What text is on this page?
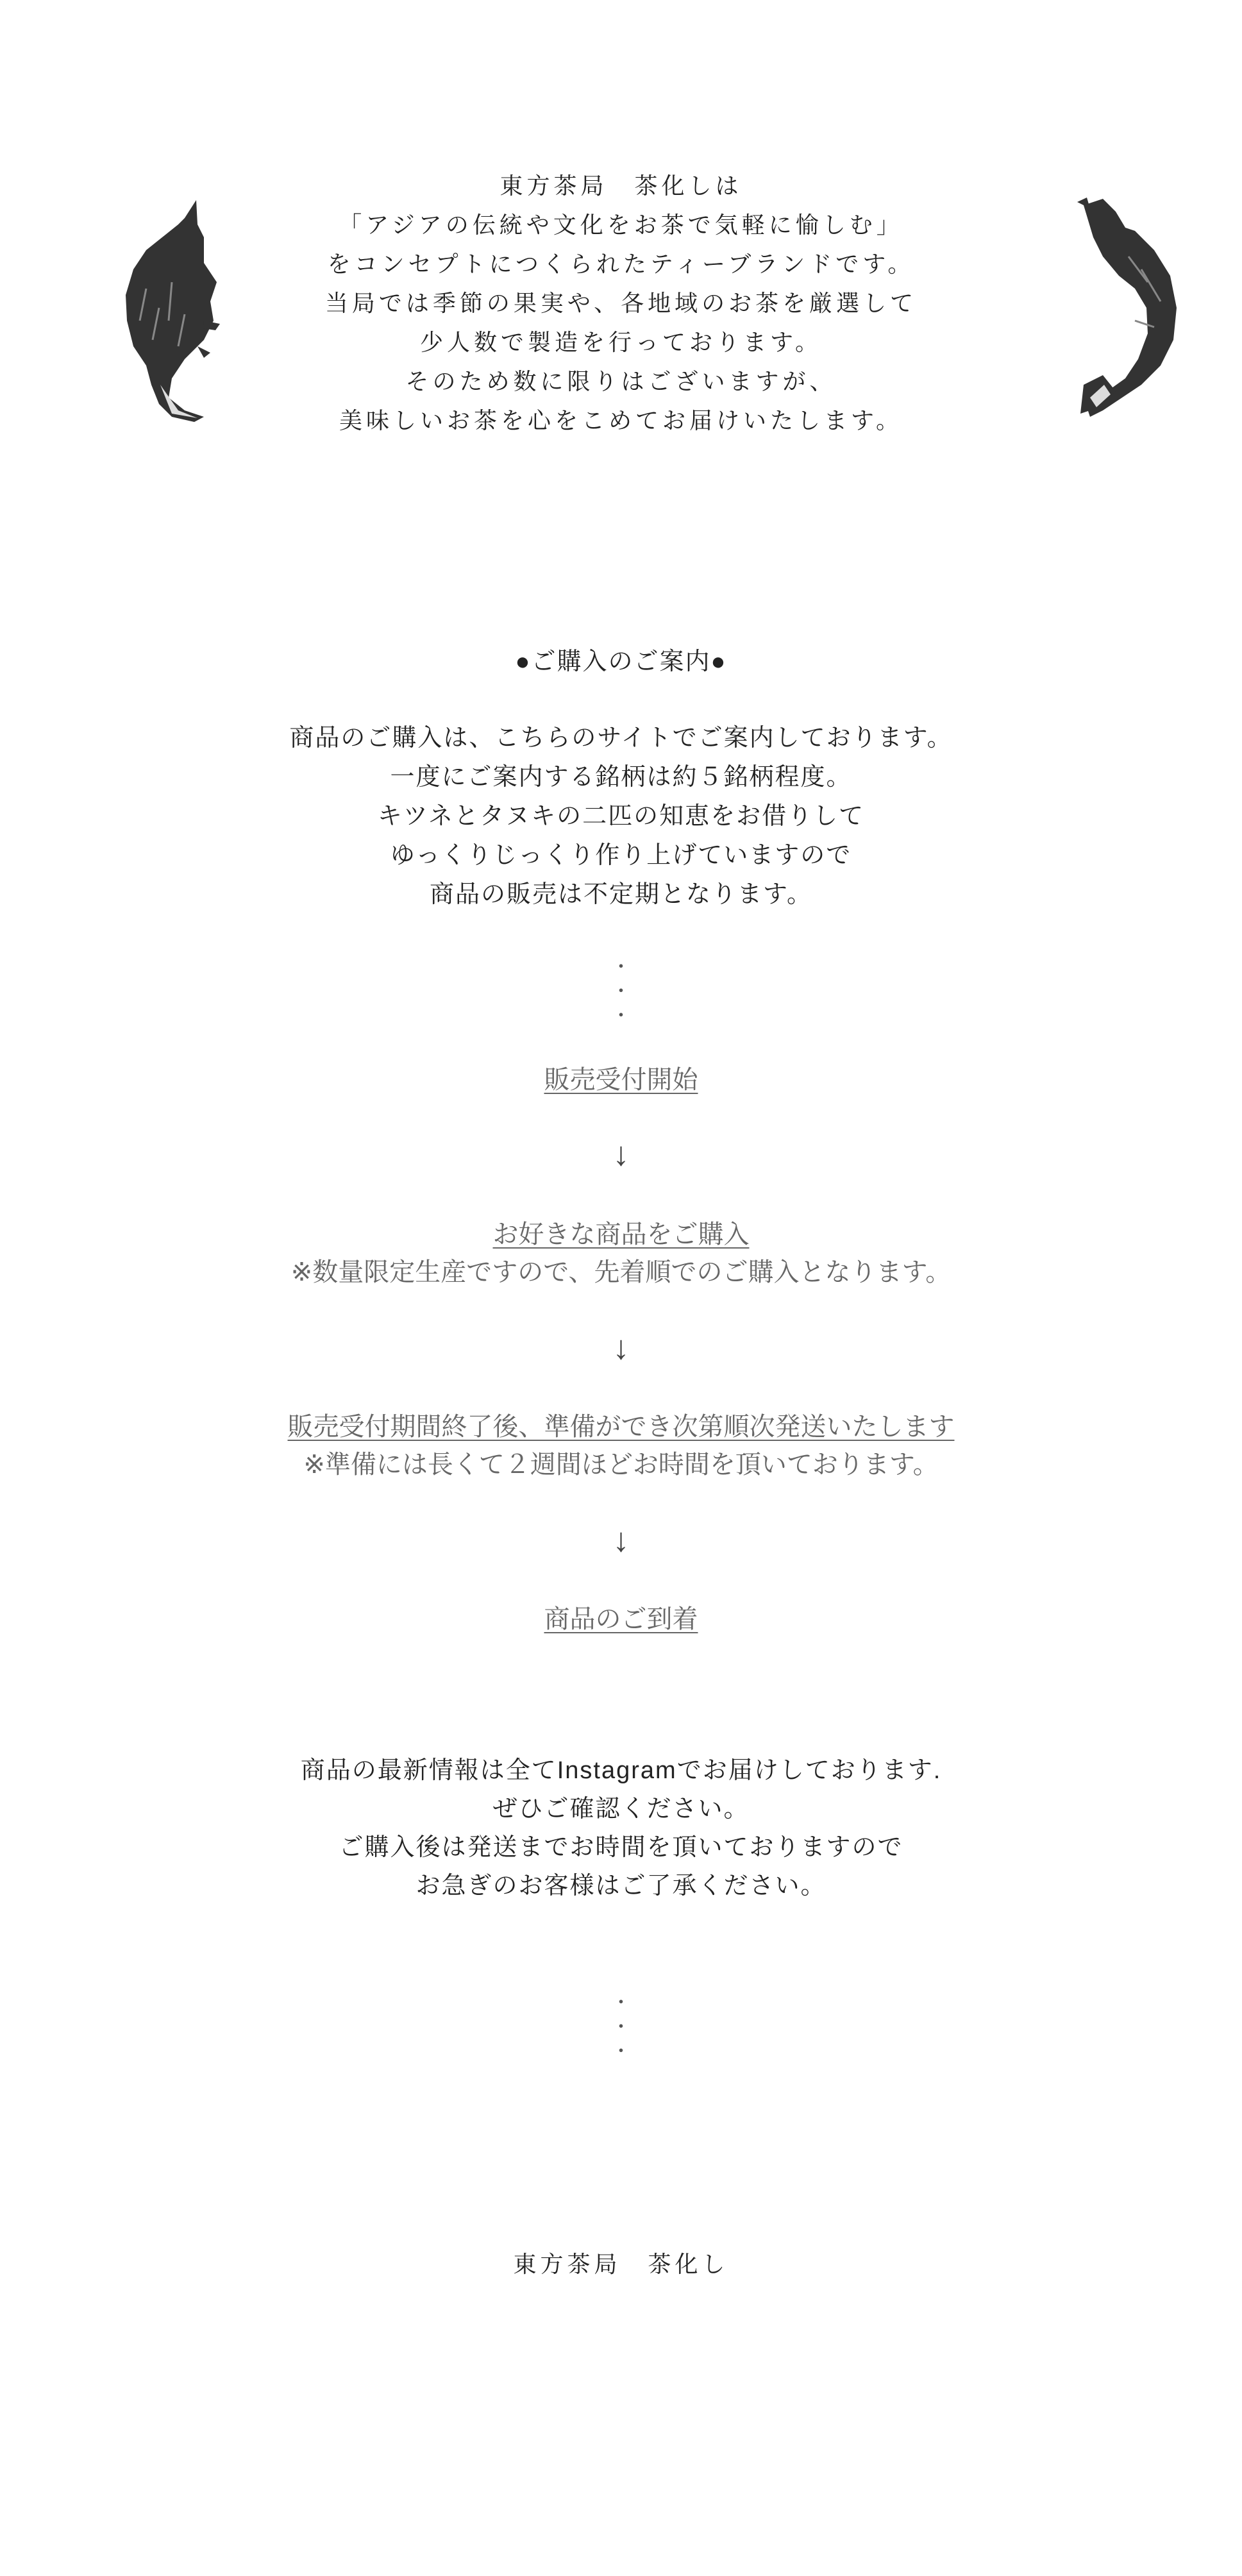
東方茶局　茶化しは
「アジアの伝統や文化をお茶で気軽に愉しむ」
をコンセプトにつくられたティーブランドです。
当局では季節の果実や、各地域のお茶を厳選して
少人数で製造を行っております。
そのため数に限りはございますが、
美味しいお茶を心をこめてお届けいたします。
●ご購入のご案内●
商品のご購入は、こちらのサイトでご案内しております。
一度にご案内する銘柄は約５銘柄程度。
キツネとタヌキの二匹の知恵をお借りして
ゆっくりじっくり作り上げていますので
商品の販売は不定期となります。
・
・
・
販売受付開始
↓
お好きな商品をご購入
※数量限定生産ですので、先着順でのご購入となります。
↓
販売受付期間終了後、準備ができ次第順次発送いたします
※準備には長くて２週間ほどお時間を頂いております。
↓
商品のご到着
商品の最新情報は全てInstagramでお届けしております.
ぜひご確認ください。
ご購入後は発送までお時間を頂いておりますので
お急ぎのお客様はご了承ください。
・
・
・
東方茶局　茶化し
